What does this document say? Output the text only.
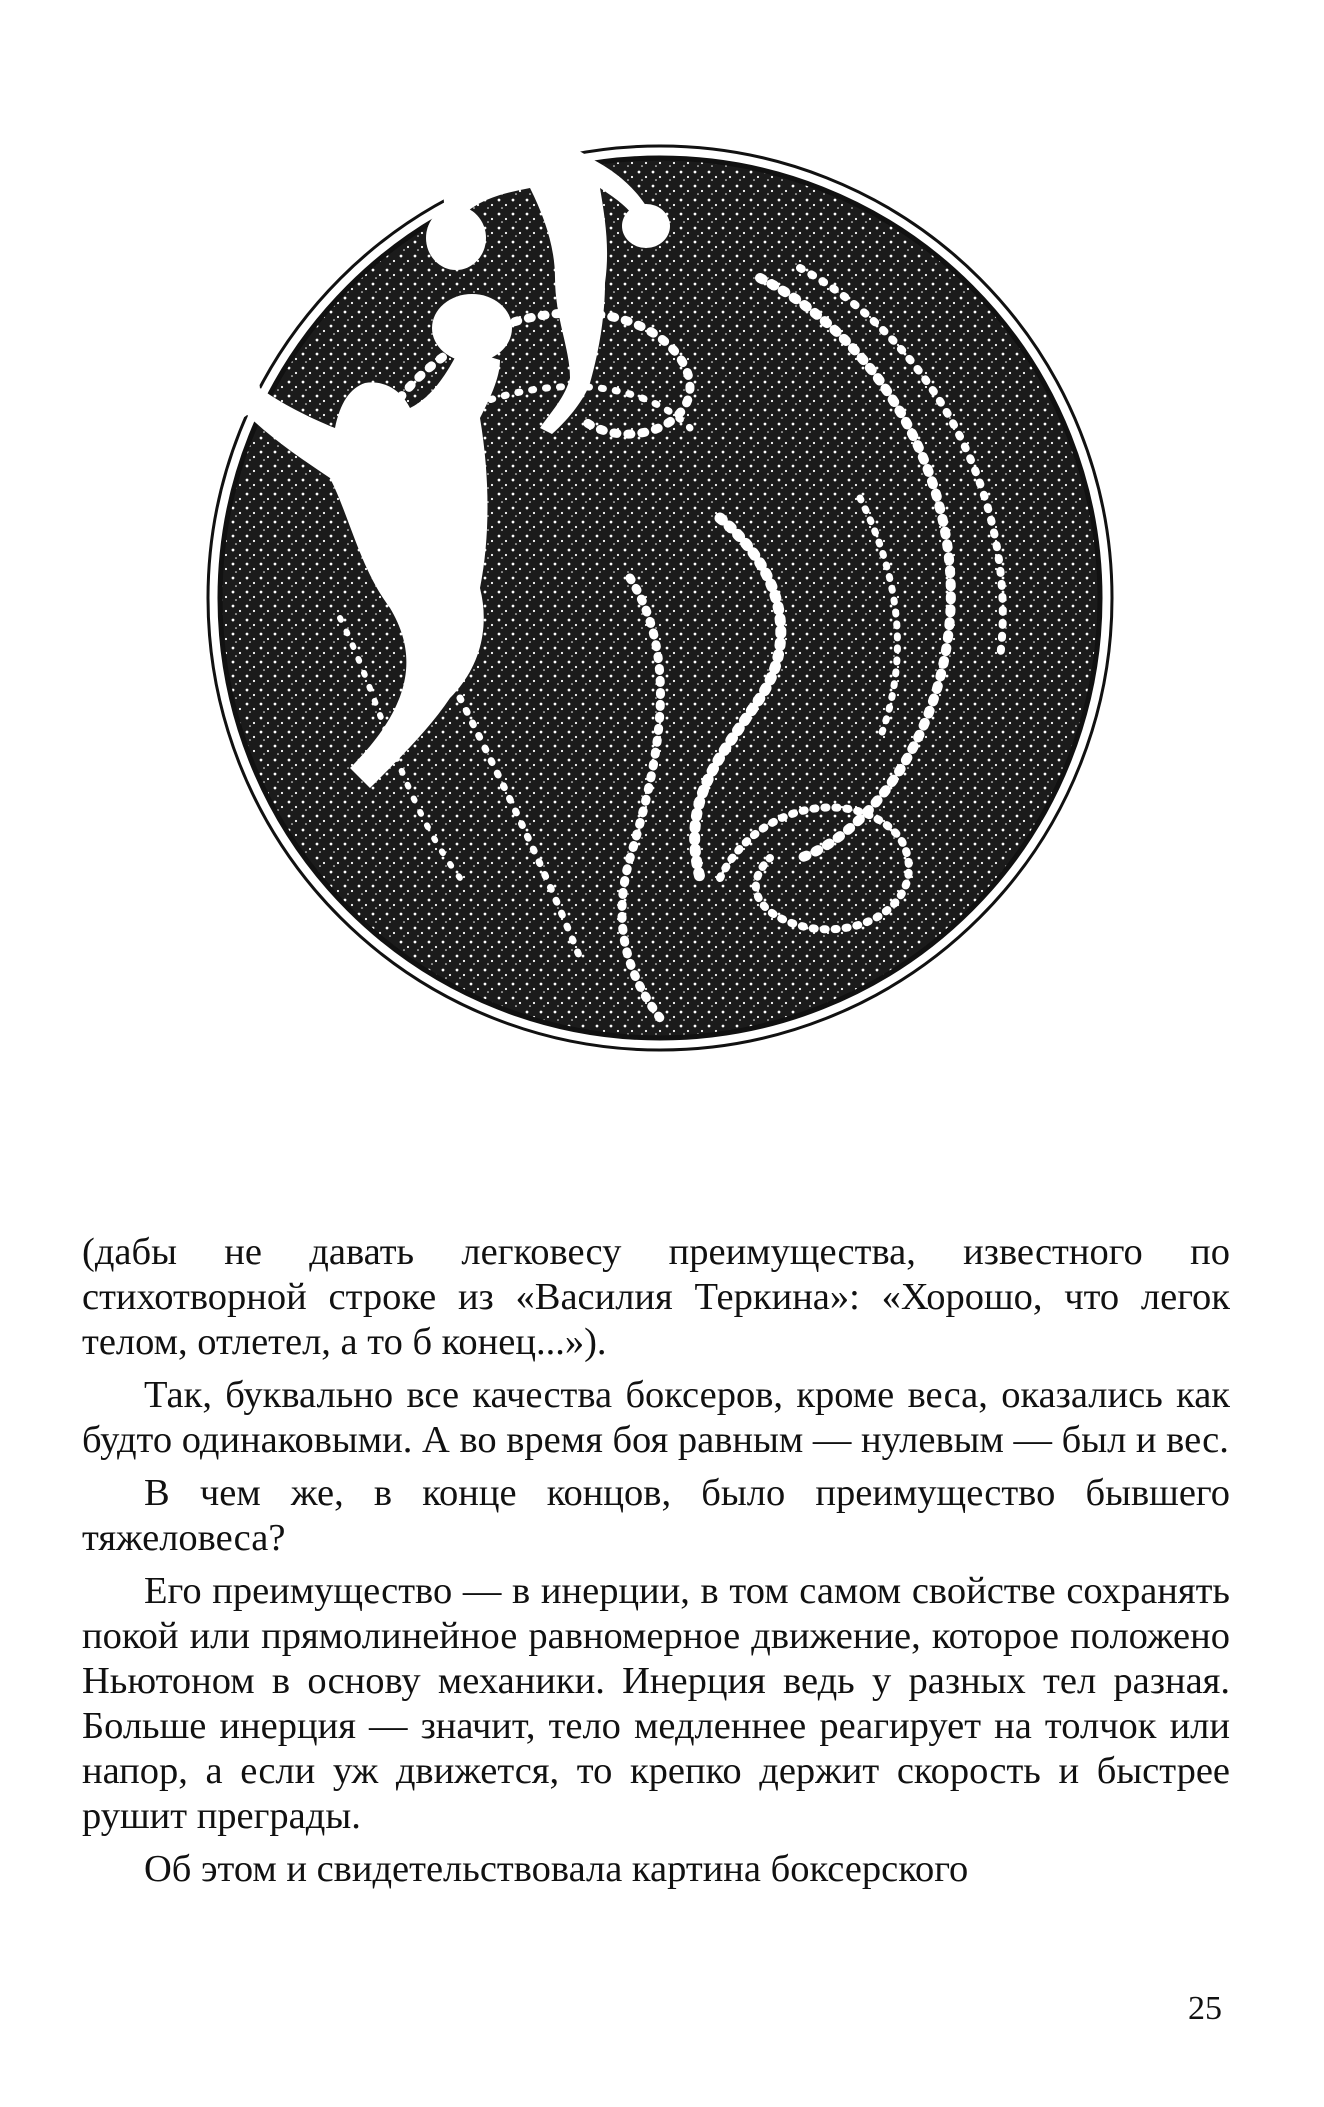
(дабы не давать легковесу преимущества, известного по стихотворной строке из «Василия Теркина»: «Хорошо, что легок телом, отлетел, а то б конец...»).

Так, буквально все качества боксеров, кроме веса, оказались как будто одинаковыми. А во время боя равным — нулевым — был и вес.

В чем же, в конце концов, было преимущество бывшего тяжеловеса?

Его преимущество — в инерции, в том самом свойстве сохранять покой или прямолинейное равномерное движение, которое положено Ньютоном в основу механики. Инерция ведь у разных тел разная. Больше инерция — значит, тело медленнее реагирует на толчок или напор, а если уж движется, то крепко держит скорость и быстрее рушит преграды.

Об этом и свидетельствовала картина боксерского

25
